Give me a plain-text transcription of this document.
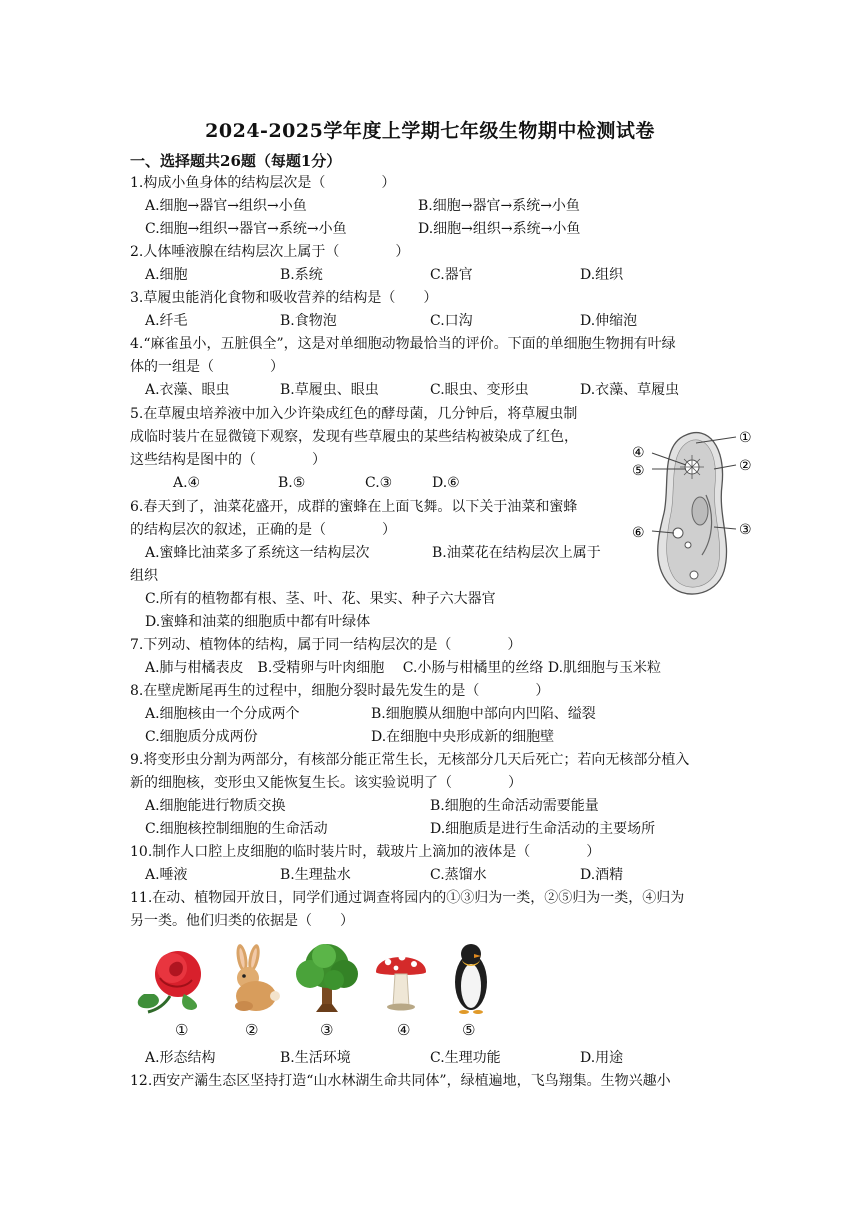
2024-2025学年度上学期七年级生物期中检测试卷
一、选择题共26题（每题1分）
1.构成小鱼身体的结构层次是（　　　　）
A.细胞→器官→组织→小鱼	B.细胞→器官→系统→小鱼
C.细胞→组织→器官→系统→小鱼	D.细胞→组织→系统→小鱼
2.人体唾液腺在结构层次上属于（　　　　）
A.细胞	B.系统	C.器官	D.组织
3.草履虫能消化食物和吸收营养的结构是（　　）
A.纤毛	B.食物泡	C.口沟	D.伸缩泡
4.“麻雀虽小，五脏俱全”，这是对单细胞动物最恰当的评价。下面的单细胞生物拥有叶绿
体的一组是（　　　　）
A.衣藻、眼虫	B.草履虫、眼虫	C.眼虫、变形虫	D.衣藻、草履虫
5.在草履虫培养液中加入少许染成红色的酵母菌，几分钟后，将草履虫制
成临时装片在显微镜下观察，发现有些草履虫的某些结构被染成了红色，
这些结构是图中的（　　　　）
A.④	B.⑤	C.③	D.⑥
①
②
③
④
⑤
⑥
6.春天到了，油菜花盛开，成群的蜜蜂在上面飞舞。以下关于油菜和蜜蜂
的结构层次的叙述，正确的是（　　　　）
A.蜜蜂比油菜多了系统这一结构层次	B.油菜花在结构层次上属于
组织
C.所有的植物都有根、茎、叶、花、果实、种子六大器官
D.蜜蜂和油菜的细胞质中都有叶绿体
7.下列动、植物体的结构，属于同一结构层次的是（　　　　）
A.肺与柑橘表皮　B.受精卵与叶肉细胞　 C.小肠与柑橘里的丝络 D.肌细胞与玉米粒
8.在壁虎断尾再生的过程中，细胞分裂时最先发生的是（　　　　）
A.细胞核由一个分成两个	B.细胞膜从细胞中部向内凹陷、缢裂
C.细胞质分成两份	D.在细胞中央形成新的细胞壁
9.将变形虫分割为两部分，有核部分能正常生长，无核部分几天后死亡；若向无核部分植入
新的细胞核，变形虫又能恢复生长。该实验说明了（　　　　）
A.细胞能进行物质交换	B.细胞的生命活动需要能量
C.细胞核控制细胞的生命活动	D.细胞质是进行生命活动的主要场所
10.制作人口腔上皮细胞的临时装片时，载玻片上滴加的液体是（　　　　）
A.唾液	B.生理盐水	C.蒸馏水	D.酒精
11.在动、植物园开放日，同学们通过调查将园内的①③归为一类，②⑤归为一类，④归为
另一类。他们归类的依据是（　　）
①	②	③	④	⑤
A.形态结构	B.生活环境	C.生理功能	D.用途
12.西安产灞生态区坚持打造“山水林湖生命共同体”，绿植遍地，飞鸟翔集。生物兴趣小
